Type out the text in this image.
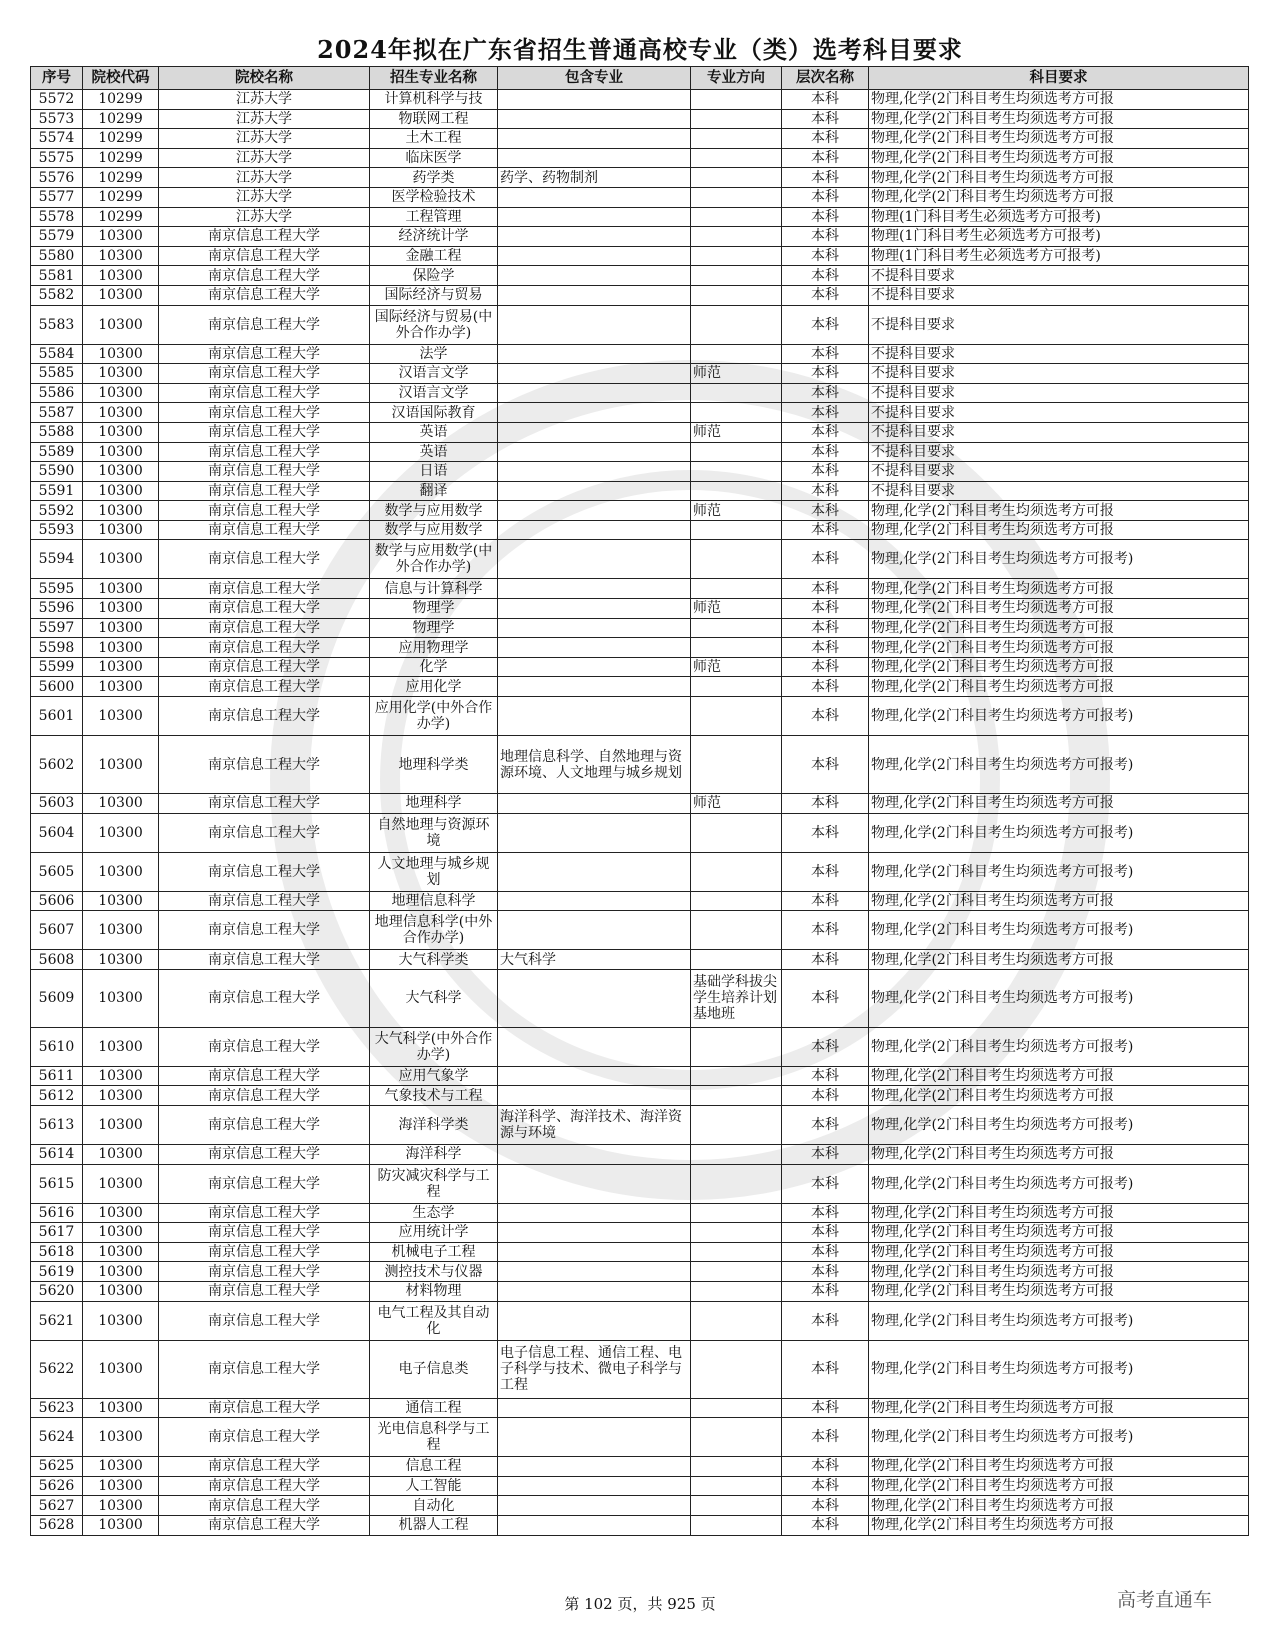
2024年拟在广东省招生普通高校专业（类）选考科目要求
序号	院校代码	院校名称	招生专业名称	包含专业	专业方向	层次名称	科目要求
5572	10299	江苏大学	计算机科学与技			本科	物理,化学(2门科目考生均须选考方可报
5573	10299	江苏大学	物联网工程			本科	物理,化学(2门科目考生均须选考方可报
5574	10299	江苏大学	土木工程			本科	物理,化学(2门科目考生均须选考方可报
5575	10299	江苏大学	临床医学			本科	物理,化学(2门科目考生均须选考方可报
5576	10299	江苏大学	药学类	药学、药物制剂		本科	物理,化学(2门科目考生均须选考方可报
5577	10299	江苏大学	医学检验技术			本科	物理,化学(2门科目考生均须选考方可报
5578	10299	江苏大学	工程管理			本科	物理(1门科目考生必须选考方可报考)
5579	10300	南京信息工程大学	经济统计学			本科	物理(1门科目考生必须选考方可报考)
5580	10300	南京信息工程大学	金融工程			本科	物理(1门科目考生必须选考方可报考)
5581	10300	南京信息工程大学	保险学			本科	不提科目要求
5582	10300	南京信息工程大学	国际经济与贸易			本科	不提科目要求
5583	10300	南京信息工程大学	国际经济与贸易(中外合作办学)			本科	不提科目要求
5584	10300	南京信息工程大学	法学			本科	不提科目要求
5585	10300	南京信息工程大学	汉语言文学		师范	本科	不提科目要求
5586	10300	南京信息工程大学	汉语言文学			本科	不提科目要求
5587	10300	南京信息工程大学	汉语国际教育			本科	不提科目要求
5588	10300	南京信息工程大学	英语		师范	本科	不提科目要求
5589	10300	南京信息工程大学	英语			本科	不提科目要求
5590	10300	南京信息工程大学	日语			本科	不提科目要求
5591	10300	南京信息工程大学	翻译			本科	不提科目要求
5592	10300	南京信息工程大学	数学与应用数学		师范	本科	物理,化学(2门科目考生均须选考方可报
5593	10300	南京信息工程大学	数学与应用数学			本科	物理,化学(2门科目考生均须选考方可报
5594	10300	南京信息工程大学	数学与应用数学(中外合作办学)			本科	物理,化学(2门科目考生均须选考方可报考)
5595	10300	南京信息工程大学	信息与计算科学			本科	物理,化学(2门科目考生均须选考方可报
5596	10300	南京信息工程大学	物理学		师范	本科	物理,化学(2门科目考生均须选考方可报
5597	10300	南京信息工程大学	物理学			本科	物理,化学(2门科目考生均须选考方可报
5598	10300	南京信息工程大学	应用物理学			本科	物理,化学(2门科目考生均须选考方可报
5599	10300	南京信息工程大学	化学		师范	本科	物理,化学(2门科目考生均须选考方可报
5600	10300	南京信息工程大学	应用化学			本科	物理,化学(2门科目考生均须选考方可报
5601	10300	南京信息工程大学	应用化学(中外合作办学)			本科	物理,化学(2门科目考生均须选考方可报考)
5602	10300	南京信息工程大学	地理科学类	地理信息科学、自然地理与资源环境、人文地理与城乡规划		本科	物理,化学(2门科目考生均须选考方可报考)
5603	10300	南京信息工程大学	地理科学		师范	本科	物理,化学(2门科目考生均须选考方可报
5604	10300	南京信息工程大学	自然地理与资源环境			本科	物理,化学(2门科目考生均须选考方可报考)
5605	10300	南京信息工程大学	人文地理与城乡规划			本科	物理,化学(2门科目考生均须选考方可报考)
5606	10300	南京信息工程大学	地理信息科学			本科	物理,化学(2门科目考生均须选考方可报
5607	10300	南京信息工程大学	地理信息科学(中外合作办学)			本科	物理,化学(2门科目考生均须选考方可报考)
5608	10300	南京信息工程大学	大气科学类	大气科学		本科	物理,化学(2门科目考生均须选考方可报
5609	10300	南京信息工程大学	大气科学		基础学科拔尖学生培养计划基地班	本科	物理,化学(2门科目考生均须选考方可报考)
5610	10300	南京信息工程大学	大气科学(中外合作办学)			本科	物理,化学(2门科目考生均须选考方可报考)
5611	10300	南京信息工程大学	应用气象学			本科	物理,化学(2门科目考生均须选考方可报
5612	10300	南京信息工程大学	气象技术与工程			本科	物理,化学(2门科目考生均须选考方可报
5613	10300	南京信息工程大学	海洋科学类	海洋科学、海洋技术、海洋资源与环境		本科	物理,化学(2门科目考生均须选考方可报考)
5614	10300	南京信息工程大学	海洋科学			本科	物理,化学(2门科目考生均须选考方可报
5615	10300	南京信息工程大学	防灾减灾科学与工程			本科	物理,化学(2门科目考生均须选考方可报考)
5616	10300	南京信息工程大学	生态学			本科	物理,化学(2门科目考生均须选考方可报
5617	10300	南京信息工程大学	应用统计学			本科	物理,化学(2门科目考生均须选考方可报
5618	10300	南京信息工程大学	机械电子工程			本科	物理,化学(2门科目考生均须选考方可报
5619	10300	南京信息工程大学	测控技术与仪器			本科	物理,化学(2门科目考生均须选考方可报
5620	10300	南京信息工程大学	材料物理			本科	物理,化学(2门科目考生均须选考方可报
5621	10300	南京信息工程大学	电气工程及其自动化			本科	物理,化学(2门科目考生均须选考方可报考)
5622	10300	南京信息工程大学	电子信息类	电子信息工程、通信工程、电子科学与技术、微电子科学与工程		本科	物理,化学(2门科目考生均须选考方可报考)
5623	10300	南京信息工程大学	通信工程			本科	物理,化学(2门科目考生均须选考方可报
5624	10300	南京信息工程大学	光电信息科学与工程			本科	物理,化学(2门科目考生均须选考方可报考)
5625	10300	南京信息工程大学	信息工程			本科	物理,化学(2门科目考生均须选考方可报
5626	10300	南京信息工程大学	人工智能			本科	物理,化学(2门科目考生均须选考方可报
5627	10300	南京信息工程大学	自动化			本科	物理,化学(2门科目考生均须选考方可报
5628	10300	南京信息工程大学	机器人工程			本科	物理,化学(2门科目考生均须选考方可报
第 102 页，共 925 页	高考直通车
